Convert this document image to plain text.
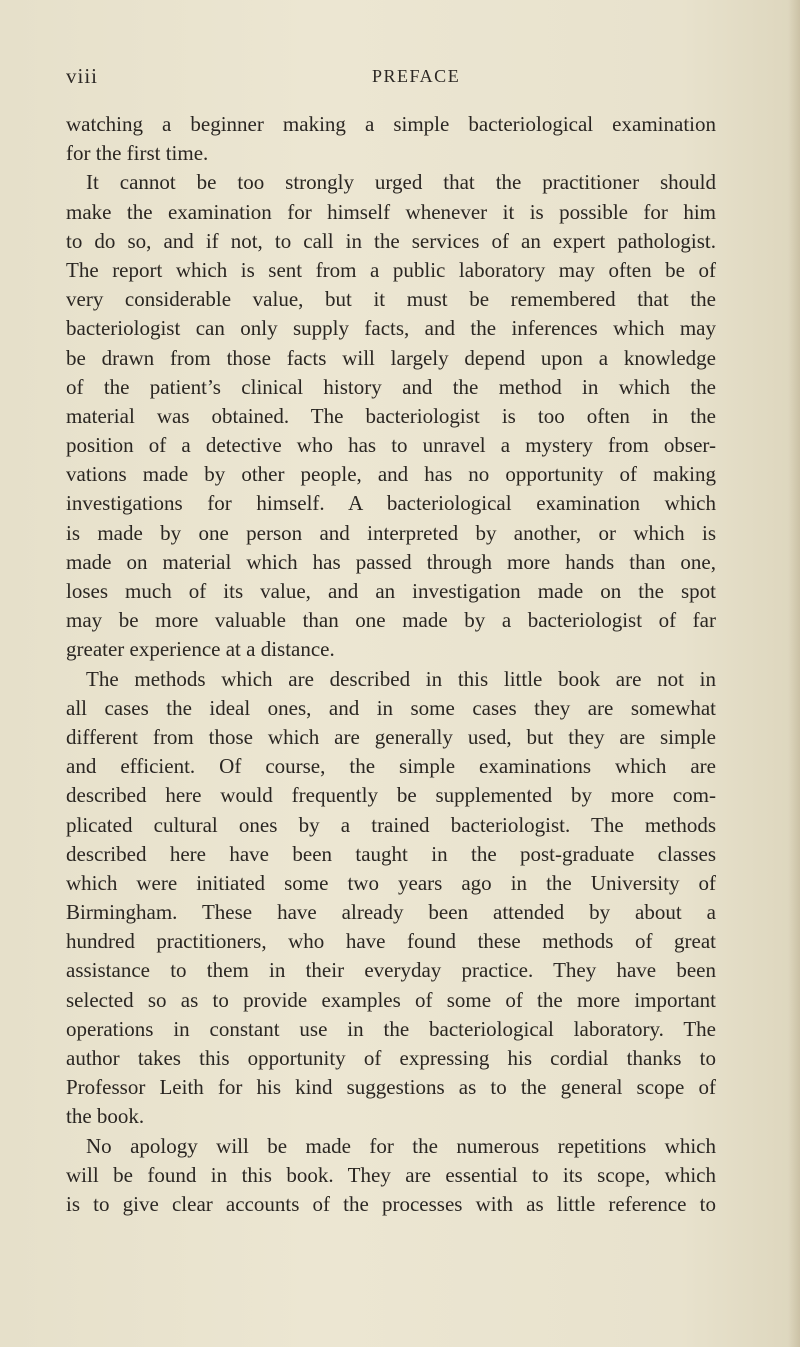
viii	PREFACE
watching a beginner making a simple bacteriological examination
for the first time.
It cannot be too strongly urged that the practitioner should
make the examination for himself whenever it is possible for him
to do so, and if not, to call in the services of an expert pathologist.
The report which is sent from a public laboratory may often be of
very considerable value, but it must be remembered that the
bacteriologist can only supply facts, and the inferences which may
be drawn from those facts will largely depend upon a knowledge
of the patient’s clinical history and the method in which the
material was obtained. The bacteriologist is too often in the
position of a detective who has to unravel a mystery from obser-
vations made by other people, and has no opportunity of making
investigations for himself. A bacteriological examination which
is made by one person and interpreted by another, or which is
made on material which has passed through more hands than one,
loses much of its value, and an investigation made on the spot
may be more valuable than one made by a bacteriologist of far
greater experience at a distance.
The methods which are described in this little book are not in
all cases the ideal ones, and in some cases they are somewhat
different from those which are generally used, but they are simple
and efficient. Of course, the simple examinations which are
described here would frequently be supplemented by more com-
plicated cultural ones by a trained bacteriologist. The methods
described here have been taught in the post-graduate classes
which were initiated some two years ago in the University of
Birmingham. These have already been attended by about a
hundred practitioners, who have found these methods of great
assistance to them in their everyday practice. They have been
selected so as to provide examples of some of the more important
operations in constant use in the bacteriological laboratory. The
author takes this opportunity of expressing his cordial thanks to
Professor Leith for his kind suggestions as to the general scope of
the book.
No apology will be made for the numerous repetitions which
will be found in this book. They are essential to its scope, which
is to give clear accounts of the processes with as little reference to
